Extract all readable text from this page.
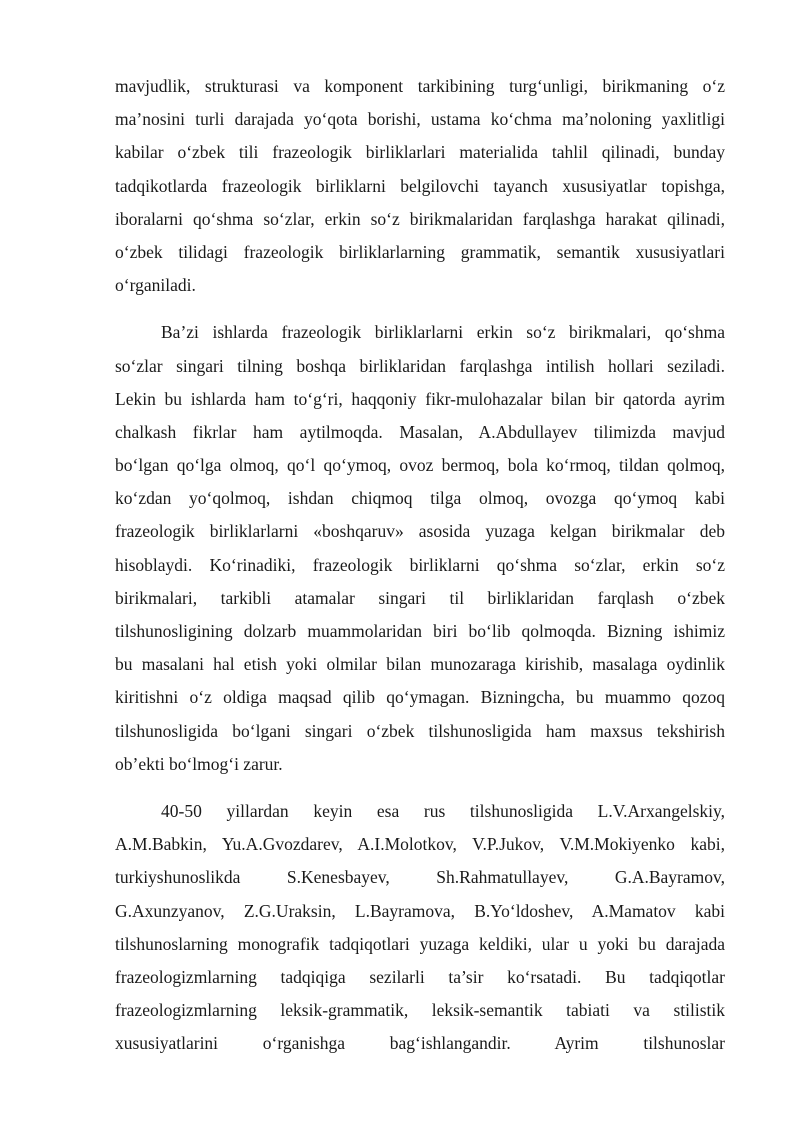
mavjudlik, strukturasi va komponent tarkibining turg‘unligi, birikmaning o‘z
ma’nosini turli darajada yo‘qota borishi, ustama ko‘chma ma’noloning yaxlitligi
kabilar o‘zbek tili frazeologik birliklarlari materialida tahlil qilinadi, bunday
tadqikotlarda frazeologik birliklarni belgilovchi tayanch xususiyatlar topishga,
iboralarni qo‘shma so‘zlar, erkin so‘z birikmalaridan farqlashga harakat qilinadi,
o‘zbek tilidagi frazeologik birliklarlarning grammatik, semantik xususiyatlari
o‘rganiladi.
Ba’zi ishlarda frazeologik birliklarlarni erkin so‘z birikmalari, qo‘shma
so‘zlar singari tilning boshqa birliklaridan farqlashga intilish hollari seziladi.
Lekin bu ishlarda ham to‘g‘ri, haqqoniy fikr-mulohazalar bilan bir qatorda ayrim
chalkash fikrlar ham aytilmoqda. Masalan, A.Abdullayev tilimizda mavjud
bo‘lgan qo‘lga olmoq, qo‘l qo‘ymoq, ovoz bermoq, bola ko‘rmoq, tildan qolmoq,
ko‘zdan yo‘qolmoq, ishdan chiqmoq tilga olmoq, ovozga qo‘ymoq kabi
frazeologik birliklarlarni «boshqaruv» asosida yuzaga kelgan birikmalar deb
hisoblaydi. Ko‘rinadiki, frazeologik birliklarni qo‘shma so‘zlar, erkin so‘z
birikmalari, tarkibli atamalar singari til birliklaridan farqlash o‘zbek
tilshunosligining dolzarb muammolaridan biri bo‘lib qolmoqda. Bizning ishimiz
bu masalani hal etish yoki olmilar bilan munozaraga kirishib, masalaga oydinlik
kiritishni o‘z oldiga maqsad qilib qo‘ymagan. Bizningcha, bu muammo qozoq
tilshunosligida bo‘lgani singari o‘zbek tilshunosligida ham maxsus tekshirish
ob’ekti bo‘lmog‘i zarur.
40-50 yillardan keyin esa rus tilshunosligida L.V.Arxangelskiy,
A.M.Babkin, Yu.A.Gvozdarev, A.I.Molotkov, V.P.Jukov, V.M.Mokiyenko kabi,
turkiyshunoslikda S.Kenesbayev, Sh.Rahmatullayev, G.A.Bayramov,
G.Axunzyanov, Z.G.Uraksin, L.Bayramova, B.Yo‘ldoshev, A.Mamatov kabi
tilshunoslarning monografik tadqiqotlari yuzaga keldiki, ular u yoki bu darajada
frazeologizmlarning tadqiqiga sezilarli ta’sir ko‘rsatadi. Bu tadqiqotlar
frazeologizmlarning leksik-grammatik, leksik-semantik tabiati va stilistik
xususiyatlarini o‘rganishga bag‘ishlangandir. Ayrim tilshunoslar
